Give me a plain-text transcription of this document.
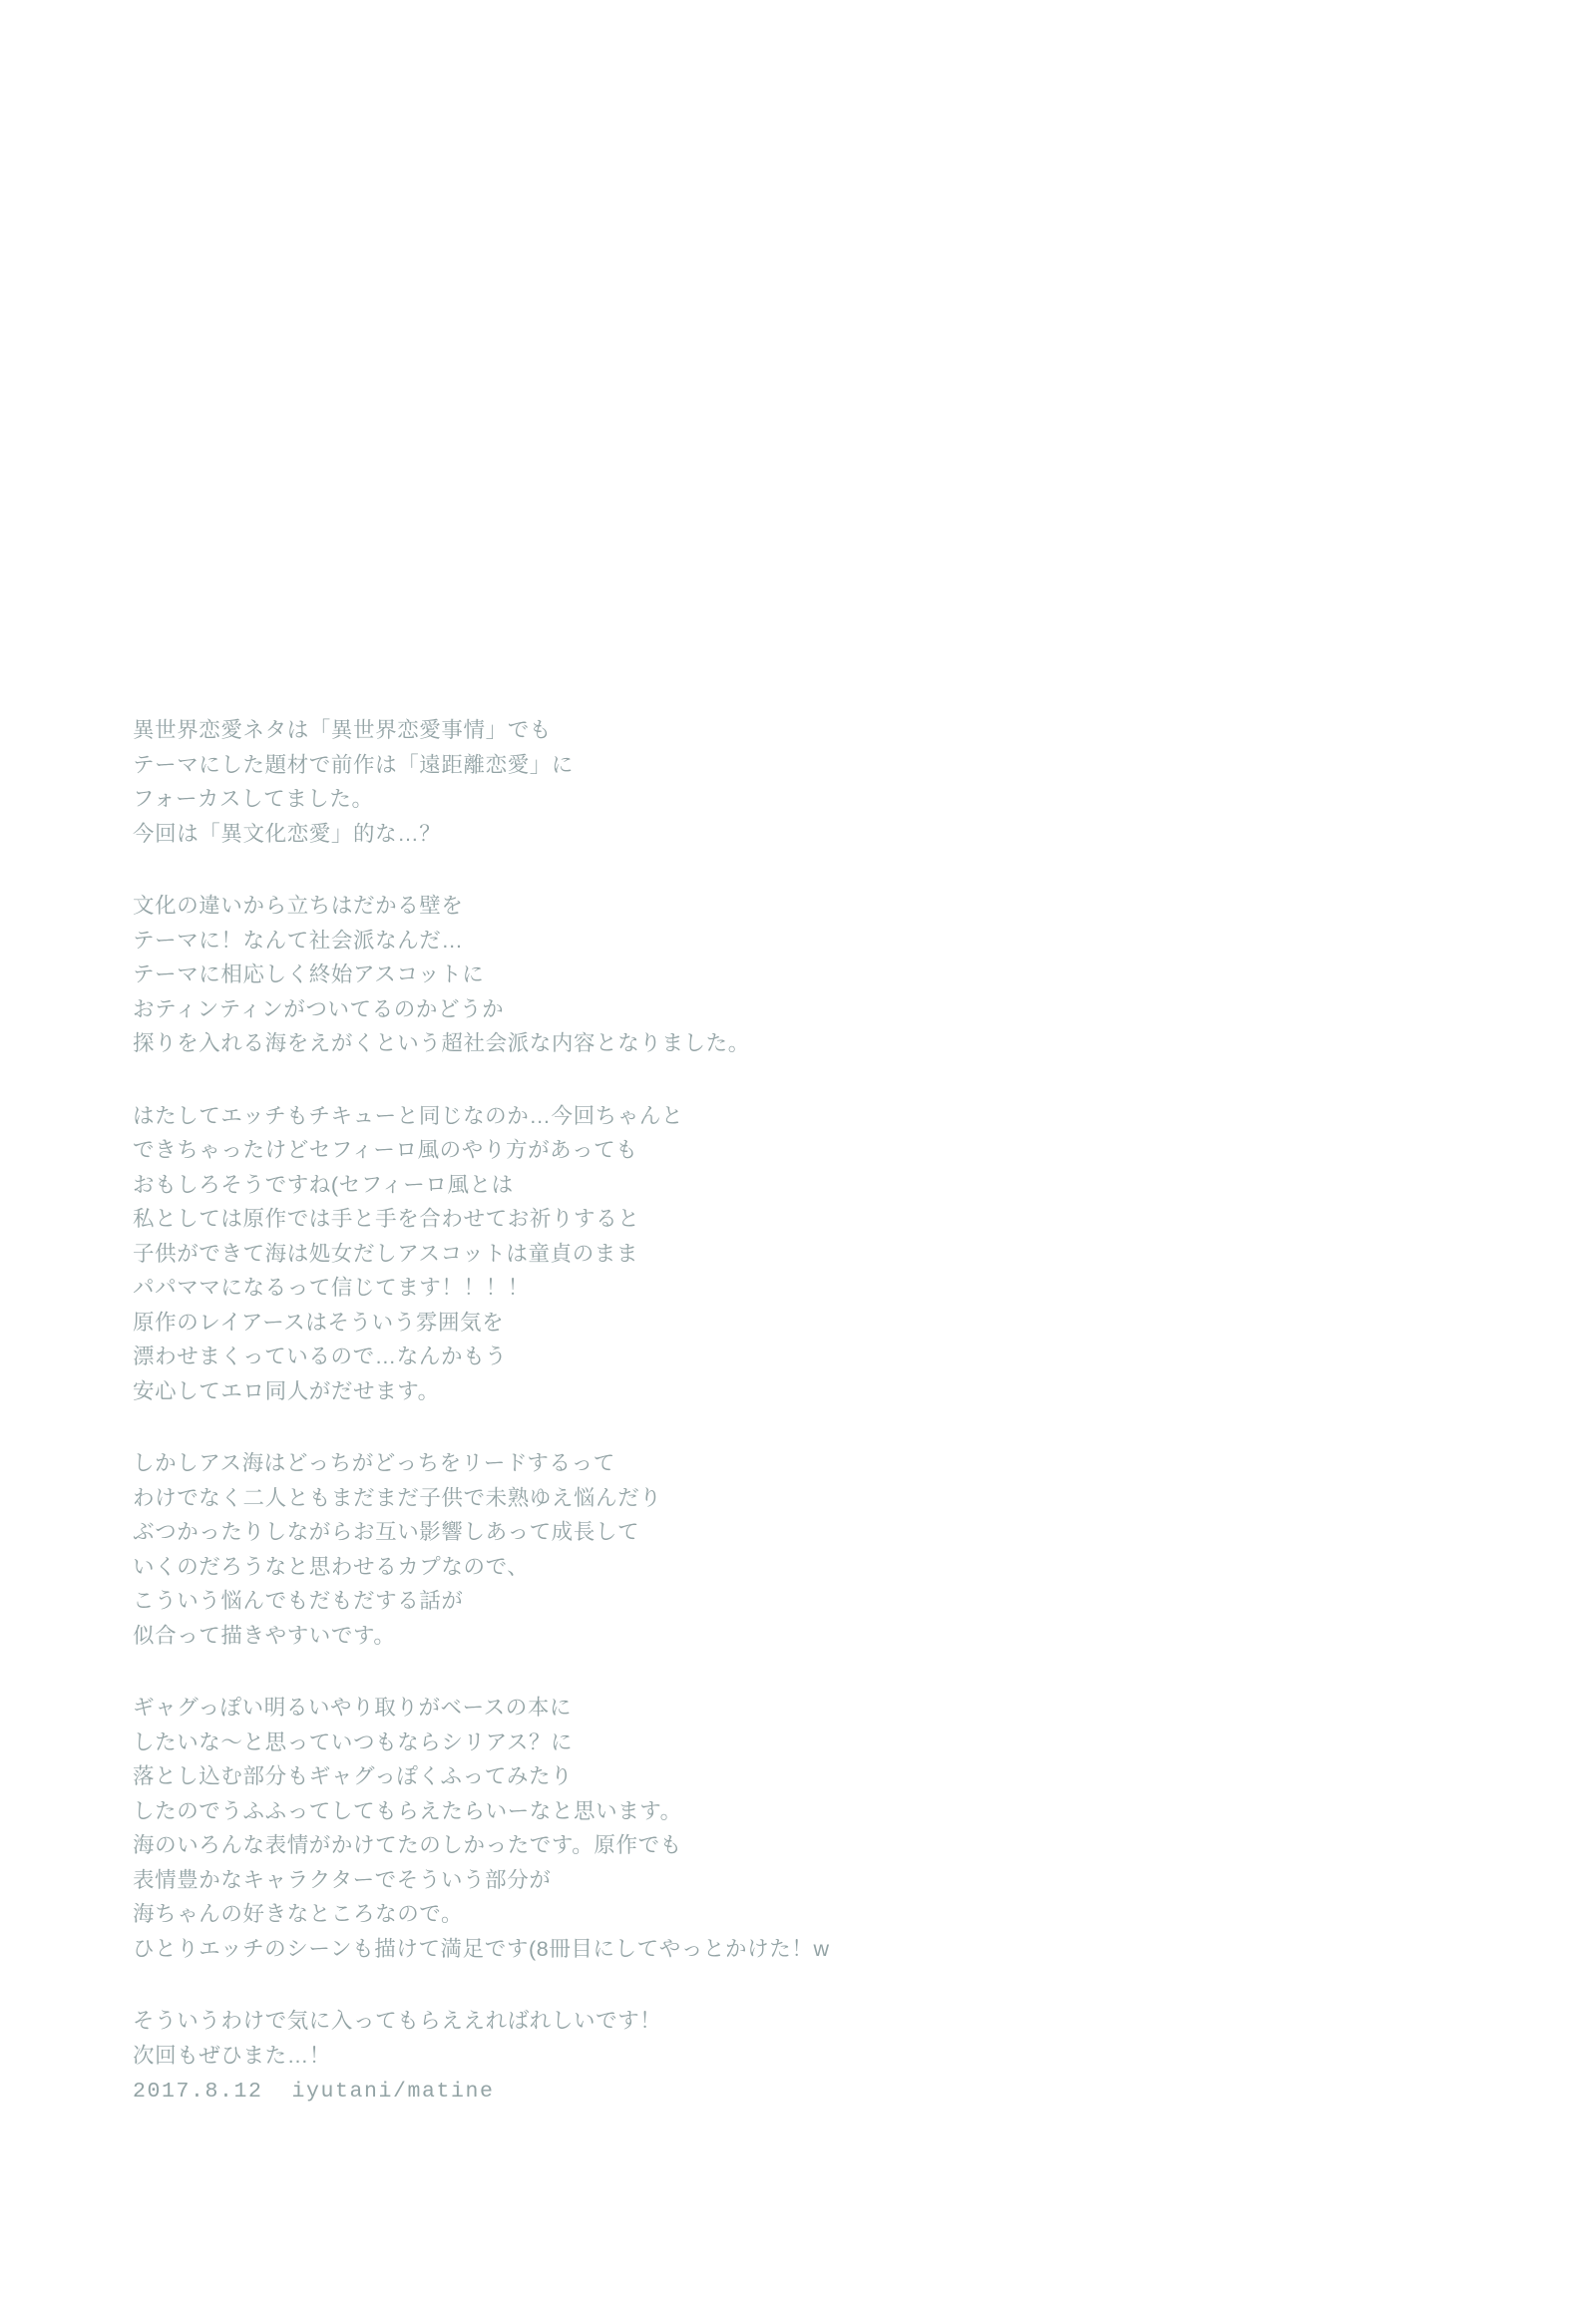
異世界恋愛ネタは「異世界恋愛事情」でも
テーマにした題材で前作は「遠距離恋愛」に
フォーカスしてました。
今回は「異文化恋愛」的な…？
文化の違いから立ちはだかる壁を
テーマに！なんて社会派なんだ…
テーマに相応しく終始アスコットに
おティンティンがついてるのかどうか
探りを入れる海をえがくという超社会派な内容となりました。
はたしてエッチもチキューと同じなのか…今回ちゃんと
できちゃったけどセフィーロ風のやり方があっても
おもしろそうですね(セフィーロ風とは
私としては原作では手と手を合わせてお祈りすると
子供ができて海は処女だしアスコットは童貞のまま
パパママになるって信じてます！！！！
原作のレイアースはそういう雰囲気を
漂わせまくっているので…なんかもう
安心してエロ同人がだせます。
しかしアス海はどっちがどっちをリードするって
わけでなく二人ともまだまだ子供で未熟ゆえ悩んだり
ぶつかったりしながらお互い影響しあって成長して
いくのだろうなと思わせるカプなので、
こういう悩んでもだもだする話が
似合って描きやすいです。
ギャグっぽい明るいやり取りがベースの本に
したいな〜と思っていつもならシリアス？に
落とし込む部分もギャグっぽくふってみたり
したのでうふふってしてもらえたらいーなと思います。
海のいろんな表情がかけてたのしかったです。原作でも
表情豊かなキャラクターでそういう部分が
海ちゃんの好きなところなので。
ひとりエッチのシーンも描けて満足です(8冊目にしてやっとかけた！w
そういうわけで気に入ってもらええればれしいです！
次回もぜひまた…！
2017.8.12  iyutani/matine
